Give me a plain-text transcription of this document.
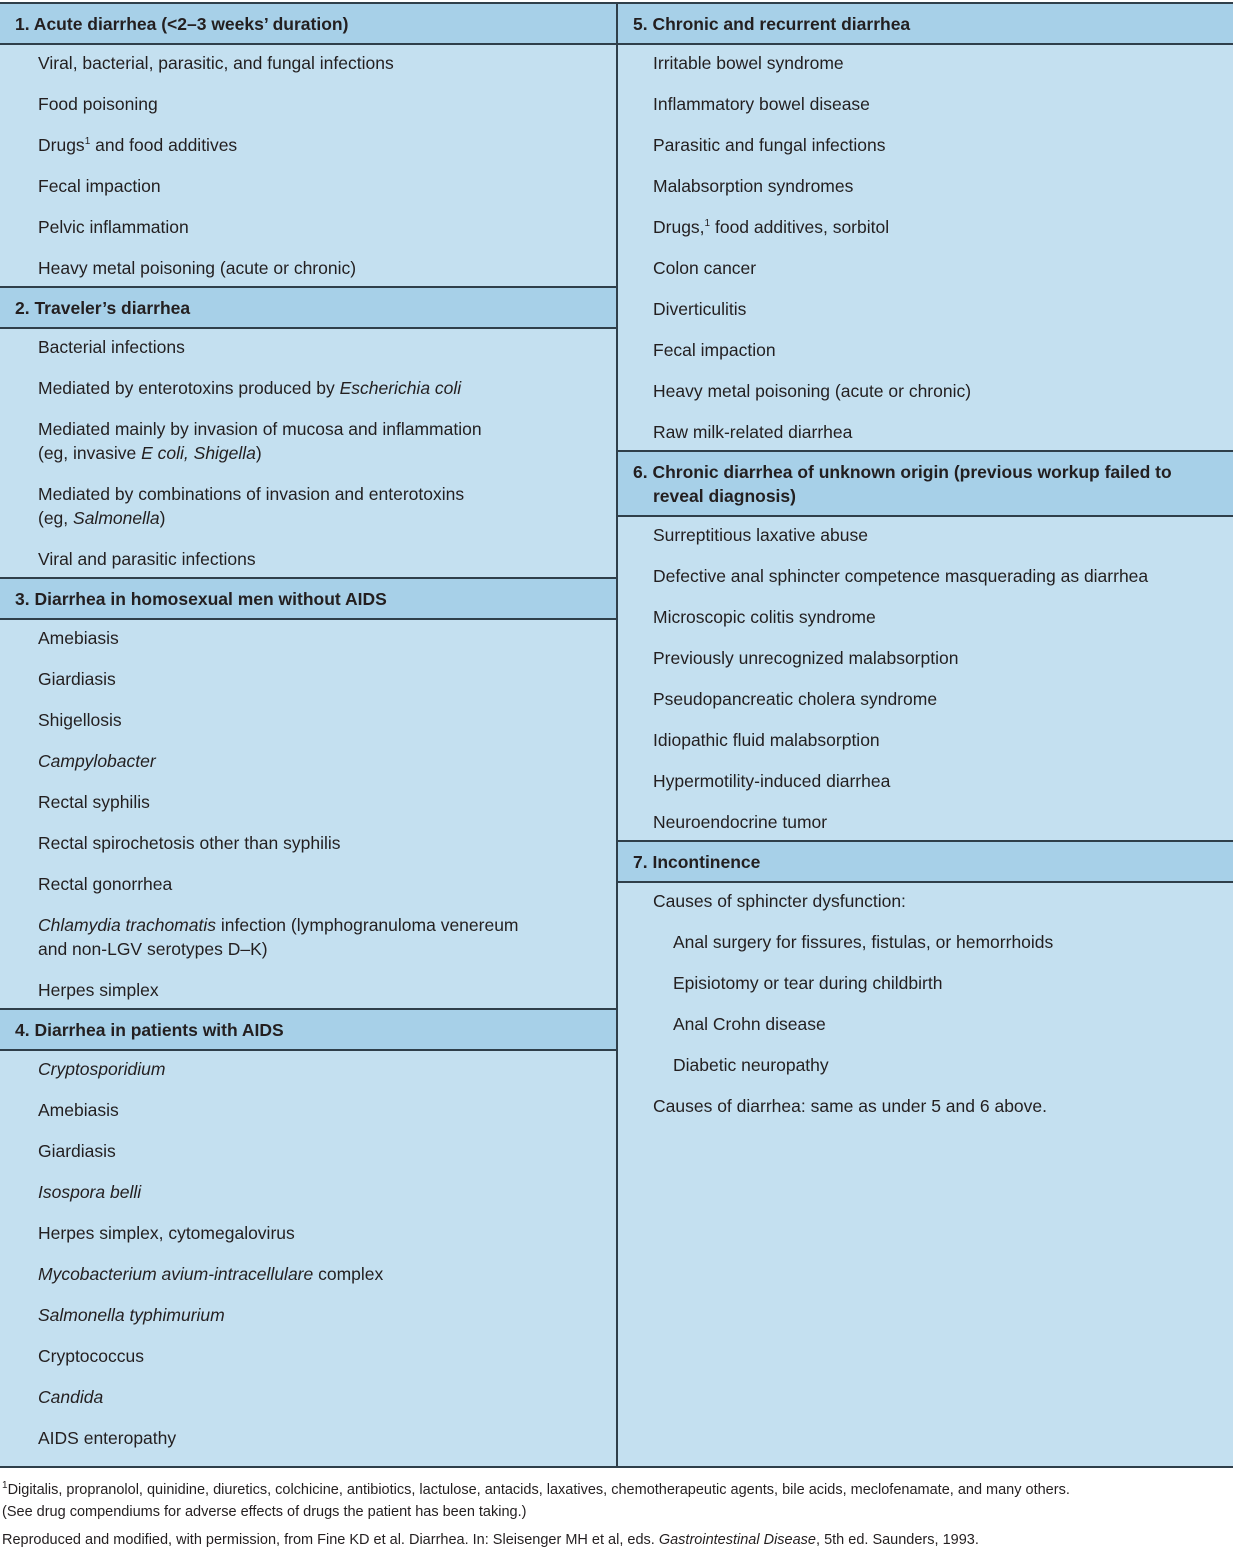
1. Acute diarrhea (<2–3 weeks’ duration)
Viral, bacterial, parasitic, and fungal infections
Food poisoning
Drugs$^1$ and food additives
Fecal impaction
Pelvic inflammation
Heavy metal poisoning (acute or chronic)
2. Traveler’s diarrhea
Bacterial infections
Mediated by enterotoxins produced by Escherichia coli
Mediated mainly by invasion of mucosa and inflammation
(eg, invasive E coli, Shigella)
Mediated by combinations of invasion and enterotoxins
(eg, Salmonella)
Viral and parasitic infections
3. Diarrhea in homosexual men without AIDS
Amebiasis
Giardiasis
Shigellosis
Campylobacter
Rectal syphilis
Rectal spirochetosis other than syphilis
Rectal gonorrhea
Chlamydia trachomatis infection (lymphogranuloma venereum
and non-LGV serotypes D–K)
Herpes simplex
4. Diarrhea in patients with AIDS
Cryptosporidium
Amebiasis
Giardiasis
Isospora belli
Herpes simplex, cytomegalovirus
Mycobacterium avium-intracellulare complex
Salmonella typhimurium
Cryptococcus
Candida
AIDS enteropathy
5. Chronic and recurrent diarrhea
Irritable bowel syndrome
Inflammatory bowel disease
Parasitic and fungal infections
Malabsorption syndromes
Drugs,$^1$ food additives, sorbitol
Colon cancer
Diverticulitis
Fecal impaction
Heavy metal poisoning (acute or chronic)
Raw milk-related diarrhea
6. Chronic diarrhea of unknown origin (previous workup failed to
reveal diagnosis)
Surreptitious laxative abuse
Defective anal sphincter competence masquerading as diarrhea
Microscopic colitis syndrome
Previously unrecognized malabsorption
Pseudopancreatic cholera syndrome
Idiopathic fluid malabsorption
Hypermotility-induced diarrhea
Neuroendocrine tumor
7. Incontinence
Causes of sphincter dysfunction:
Anal surgery for fissures, fistulas, or hemorrhoids
Episiotomy or tear during childbirth
Anal Crohn disease
Diabetic neuropathy
Causes of diarrhea: same as under 5 and 6 above.
$^1$Digitalis, propranolol, quinidine, diuretics, colchicine, antibiotics, lactulose, antacids, laxatives, chemotherapeutic agents, bile acids, meclofenamate, and many others.
(See drug compendiums for adverse effects of drugs the patient has been taking.)
Reproduced and modified, with permission, from Fine KD et al. Diarrhea. In: Sleisenger MH et al, eds. Gastrointestinal Disease, 5th ed. Saunders, 1993.
